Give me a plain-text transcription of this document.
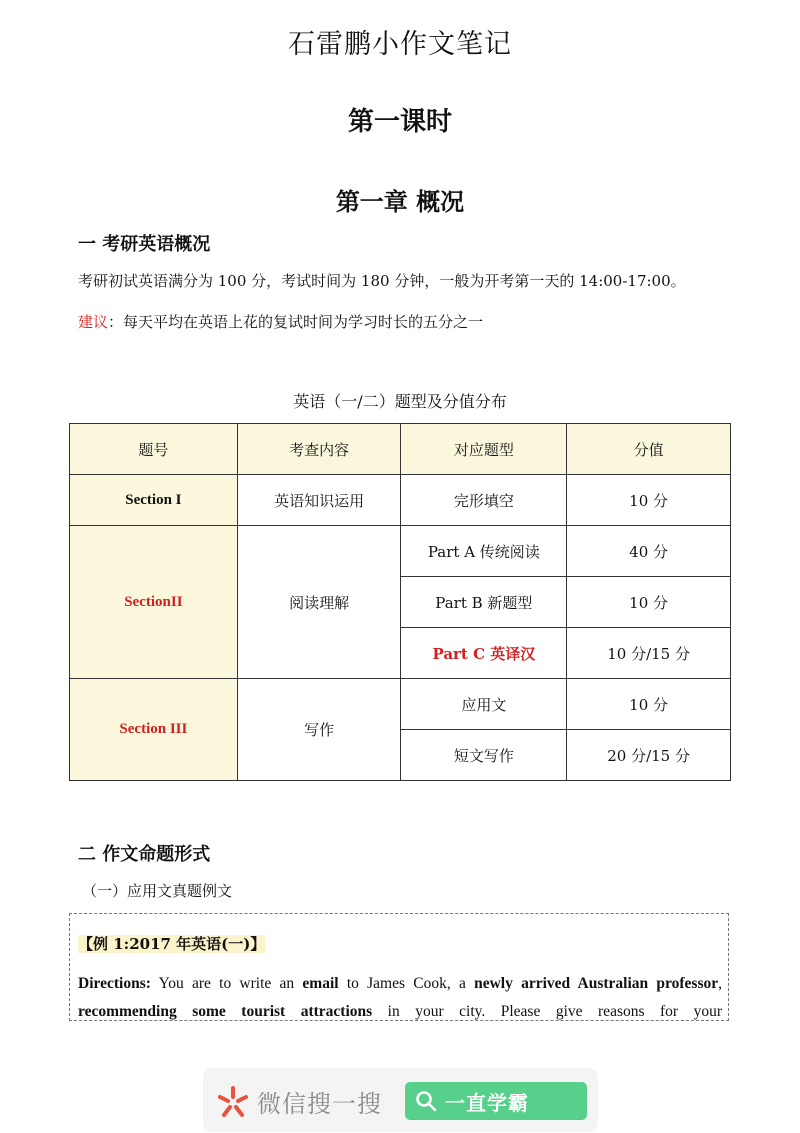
石雷鹏小作文笔记
第一课时
第一章 概况
一 考研英语概况
考研初试英语满分为 100 分，考试时间为 180 分钟，一般为开考第一天的 14:00-17:00。
建议：每天平均在英语上花的复试时间为学习时长的五分之一
英语（一/二）题型及分值分布
题号	考查内容	对应题型	分值
Section I	英语知识运用	完形填空	10 分
SectionII	阅读理解	Part A 传统阅读	40 分
		Part B 新题型	10 分
		Part C 英译汉	10 分/15 分
Section III	写作	应用文	10 分
		短文写作	20 分/15 分
二 作文命题形式
（一）应用文真题例文
【例 1:2017 年英语(一)】
Directions: You are to write an email to James Cook, a newly arrived Australian professor, recommending some tourist attractions in your city. Please give reasons for your
微信搜一搜	一直学霸
